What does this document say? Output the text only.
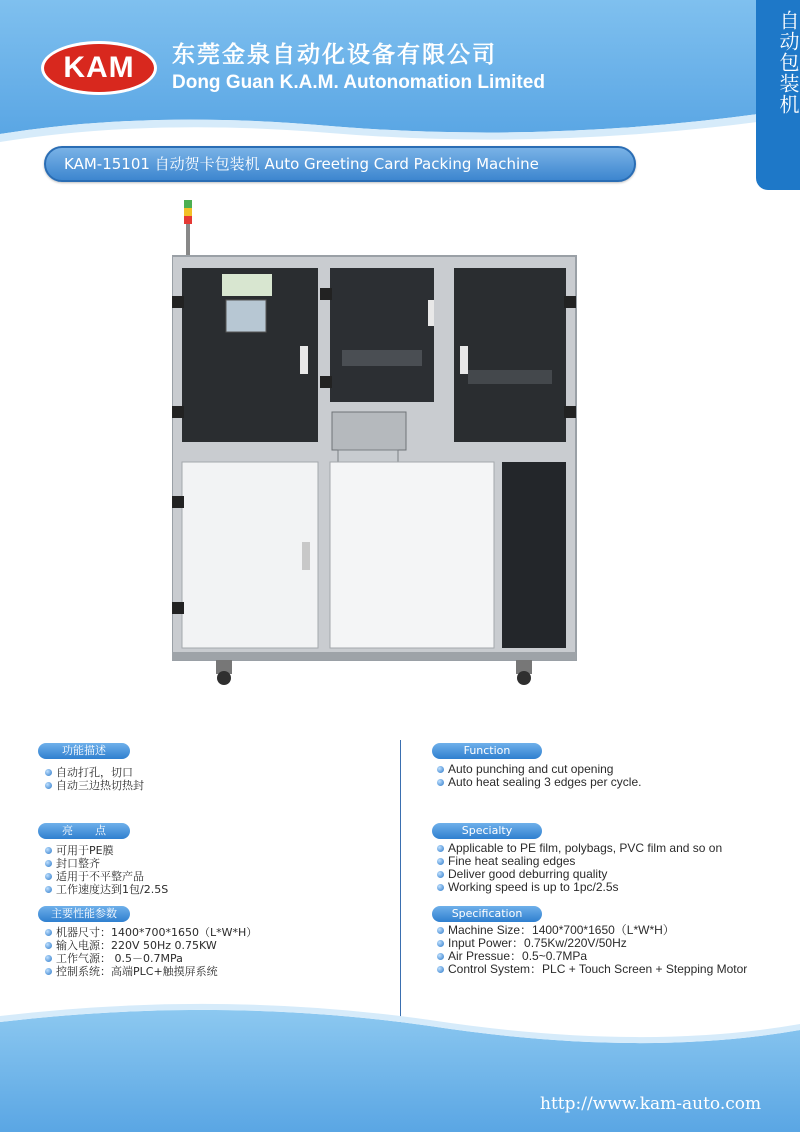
KAM	东莞金泉自动化设备有限公司
Dong Guan K.A.M. Autonomation Limited	自动包装机
KAM-15101 自动贺卡包装机 Auto Greeting Card Packing Machine
功能描述
自动打孔，切口
自动三边热切热封
亮　　点
可用于PE膜
封口整齐
适用于不平整产品
工作速度达到1包/2.5S
主要性能参数
机器尺寸：1400*700*1650（L*W*H）
输入电源：220V 50Hz 0.75KW
工作气源： 0.5－0.7MPa
控制系统：高端PLC+触摸屏系统
Function
Auto punching and cut opening
Auto heat sealing 3 edges per cycle.
Specialty
Applicable to PE film, polybags, PVC film and so on
Fine heat sealing edges
Deliver good deburring quality
Working speed is up to 1pc/2.5s
Specification
Machine Size：1400*700*1650（L*W*H）
Input Power：0.75Kw/220V/50Hz
Air Pressue：0.5~0.7MPa
Control System：PLC + Touch Screen + Stepping Motor
http://www.kam-auto.com
